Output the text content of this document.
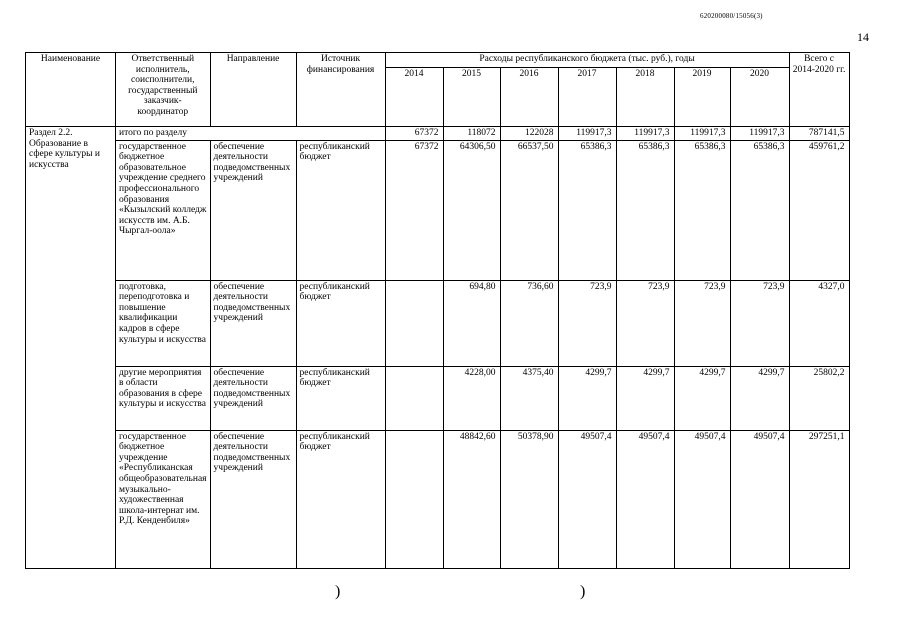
620200080/15056(3)
14
Наименование	Ответственный исполнитель, соисполнители, государственный заказчик-координатор	Направление	Источник финансирования	Расходы республиканского бюджета (тыс. руб.), годы							Всего с 2014-2020 гг.
				2014	2015	2016	2017	2018	2019	2020	
Раздел 2.2. Образование в сфере культуры и искусства	итого по разделу			67372	118072	122028	119917,3	119917,3	119917,3	119917,3	787141,5
	государственное бюджетное образовательное учреждение среднего профессионального образования «Кызылский колледж искусств им. А.Б. Чыргал-оола»	обеспечение деятельности подведомственных учреждений	республиканский бюджет	67372	64306,50	66537,50	65386,3	65386,3	65386,3	65386,3	459761,2
	подготовка, переподготовка и повышение квалификации кадров в сфере культуры и искусства	обеспечение деятельности подведомственных учреждений	республиканский бюджет		694,80	736,60	723,9	723,9	723,9	723,9	4327,0
	другие мероприятия в области образования в сфере культуры и искусства	обеспечение деятельности подведомственных учреждений	республиканский бюджет		4228,00	4375,40	4299,7	4299,7	4299,7	4299,7	25802,2
	государственное бюджетное учреждение «Республиканская общеобразовательная музыкально-художественная школа-интернат им. Р.Д. Кенденбиля»	обеспечение деятельности подведомственных учреждений	республиканский бюджет		48842,60	50378,90	49507,4	49507,4	49507,4	49507,4	297251,1
)	)
